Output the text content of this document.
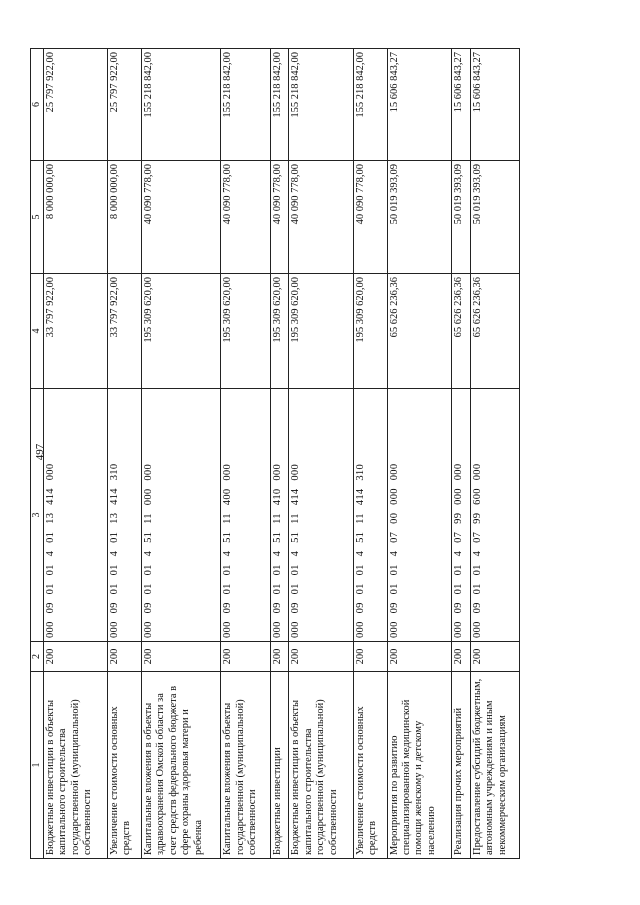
497
1	2	3	4	5	6
Бюджетные инвестиции в объекты капитального строительства государственной (муниципальной) собственности	200	000 09 01 01 4 01 13 414 000	33 797 922,00	8 000 000,00	25 797 922,00
Увеличение стоимости основных средств	200	000 09 01 01 4 01 13 414 310	33 797 922,00	8 000 000,00	25 797 922,00
Капитальные вложения в объекты здравоохранения Омской области за счет средств федерального бюджета в сфере охраны здоровья матери и ребенка	200	000 09 01 01 4 51 11 000 000	195 309 620,00	40 090 778,00	155 218 842,00
Капитальные вложения в объекты государственной (муниципальной) собственности	200	000 09 01 01 4 51 11 400 000	195 309 620,00	40 090 778,00	155 218 842,00
Бюджетные инвестиции	200	000 09 01 01 4 51 11 410 000	195 309 620,00	40 090 778,00	155 218 842,00
Бюджетные инвестиции в объекты капитального строительства государственной (муниципальной) собственности	200	000 09 01 01 4 51 11 414 000	195 309 620,00	40 090 778,00	155 218 842,00
Увеличение стоимости основных средств	200	000 09 01 01 4 51 11 414 310	195 309 620,00	40 090 778,00	155 218 842,00
Мероприятия по развитию специализированной медицинской помощи женскому и детскому населению	200	000 09 01 01 4 07 00 000 000	65 626 236,36	50 019 393,09	15 606 843,27
Реализация прочих мероприятий	200	000 09 01 01 4 07 99 000 000	65 626 236,36	50 019 393,09	15 606 843,27
Предоставление субсидий бюджетным, автономным учреждениям и иным некоммерческим организациям	200	000 09 01 01 4 07 99 600 000	65 626 236,36	50 019 393,09	15 606 843,27
